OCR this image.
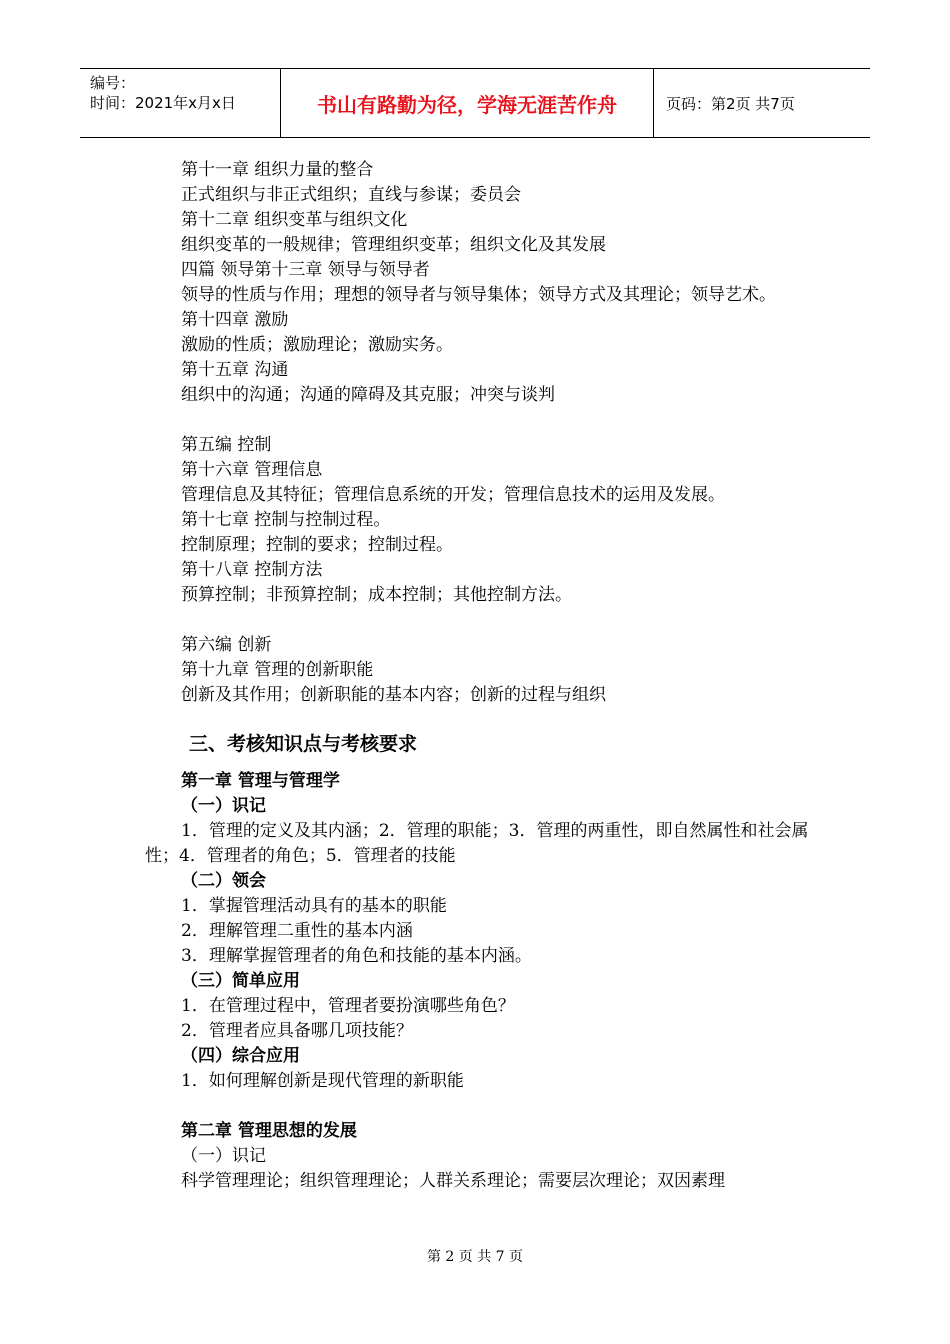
编号：
时间：2021年x月x日	书山有路勤为径，学海无涯苦作舟	页码：第2页 共7页

第十一章 组织力量的整合

正式组织与非正式组织；直线与参谋；委员会

第十二章 组织变革与组织文化

组织变革的一般规律；管理组织变革；组织文化及其发展

四篇 领导第十三章 领导与领导者

领导的性质与作用；理想的领导者与领导集体；领导方式及其理论；领导艺术。

第十四章 激励

激励的性质；激励理论；激励实务。

第十五章 沟通

组织中的沟通；沟通的障碍及其克服；冲突与谈判

第五编 控制

第十六章 管理信息

管理信息及其特征；管理信息系统的开发；管理信息技术的运用及发展。

第十七章 控制与控制过程。

控制原理；控制的要求；控制过程。

第十八章 控制方法

预算控制；非预算控制；成本控制；其他控制方法。

第六编 创新

第十九章 管理的创新职能

创新及其作用；创新职能的基本内容；创新的过程与组织

三、考核知识点与考核要求

第一章 管理与管理学

（一）识记

1．管理的定义及其内涵；2．管理的职能；3．管理的两重性，即自然属性和社会属性；4．管理者的角色；5．管理者的技能

（二）领会

1．掌握管理活动具有的基本的职能

2．理解管理二重性的基本内涵

3．理解掌握管理者的角色和技能的基本内涵。

（三）简单应用

1．在管理过程中，管理者要扮演哪些角色？

2．管理者应具备哪几项技能？

（四）综合应用

1．如何理解创新是现代管理的新职能

第二章 管理思想的发展

（一）识记

科学管理理论；组织管理理论；人群关系理论；需要层次理论；双因素理

第 2 页 共 7 页
